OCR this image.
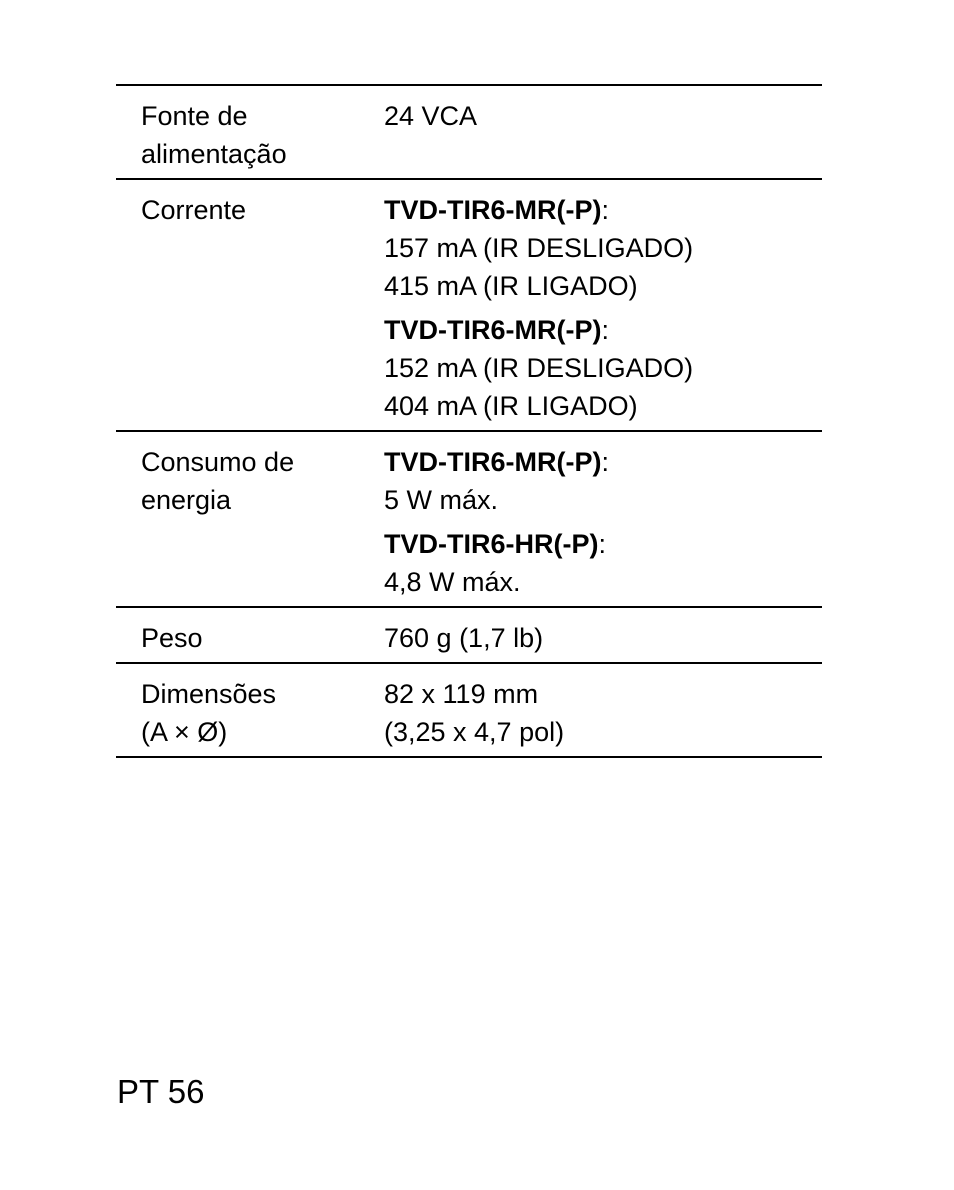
Fonte de
alimentação
24 VCA
Corrente	TVD-TIR6-MR(-P):
157 mA (IR DESLIGADO)
415 mA (IR LIGADO)
TVD-TIR6-MR(-P):
152 mA (IR DESLIGADO)
404 mA (IR LIGADO)
Consumo de
energia
TVD-TIR6-MR(-P):
5 W máx.
TVD-TIR6-HR(-P):
4,8 W máx.
Peso	760 g (1,7 lb)
Dimensões
(A × Ø)
82 x 119 mm
(3,25 x 4,7 pol)
PT 56
